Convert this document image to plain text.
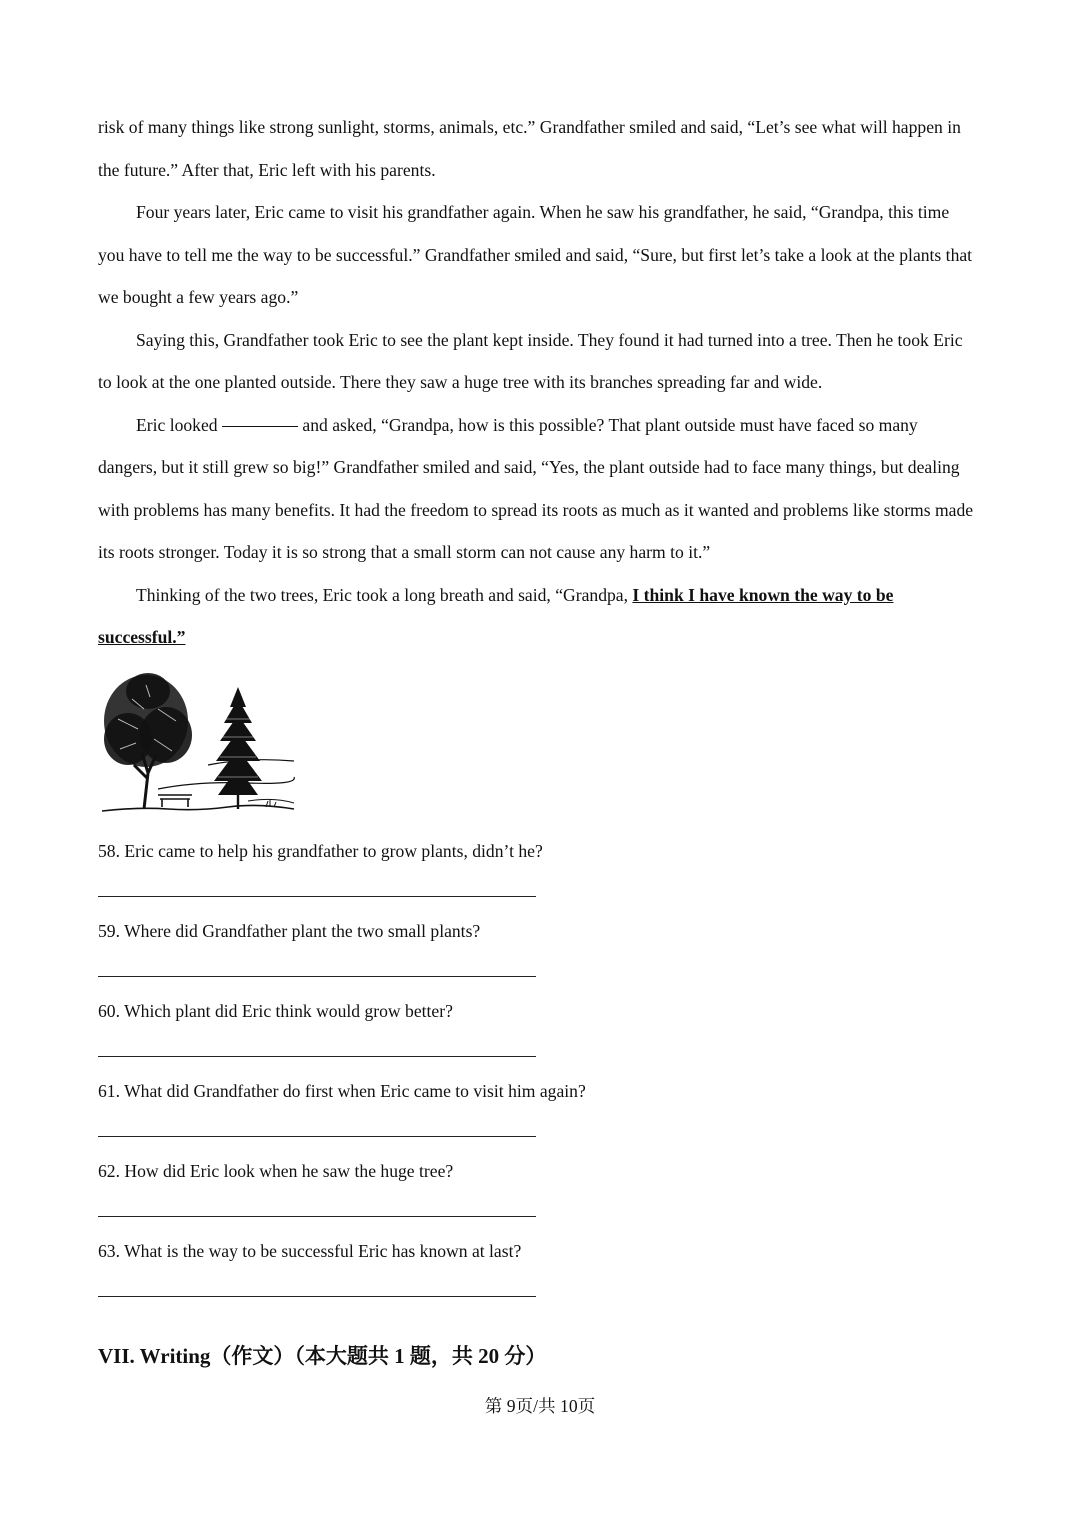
risk of many things like strong sunlight, storms, animals, etc.” Grandfather smiled and said, “Let’s see what will happen in the future.” After that, Eric left with his parents.

Four years later, Eric came to visit his grandfather again. When he saw his grandfather, he said, “Grandpa, this time you have to tell me the way to be successful.” Grandfather smiled and said, “Sure, but first let’s take a look at the plants that we bought a few years ago.”

Saying this, Grandfather took Eric to see the plant kept inside. They found it had turned into a tree. Then he took Eric to look at the one planted outside. There they saw a huge tree with its branches spreading far and wide.

Eric looked	and asked, “Grandpa, how is this possible? That plant outside must have faced so many dangers, but it still grew so big!” Grandfather smiled and said, “Yes, the plant outside had to face many things, but dealing with problems has many benefits. It had the freedom to spread its roots as much as it wanted and problems like storms made its roots stronger. Today it is so strong that a small storm can not cause any harm to it.”

Thinking of the two trees, Eric took a long breath and said, “Grandpa, I think I have known the way to be successful.”

58. Eric came to help his grandfather to grow plants, didn’t he?

59. Where did Grandfather plant the two small plants?

60. Which plant did Eric think would grow better?

61. What did Grandfather do first when Eric came to visit him again?

62. How did Eric look when he saw the huge tree?

63. What is the way to be successful Eric has known at last?

VII. Writing（作文）（本大题共 1 题，共 20 分）
第 9页/共 10页
